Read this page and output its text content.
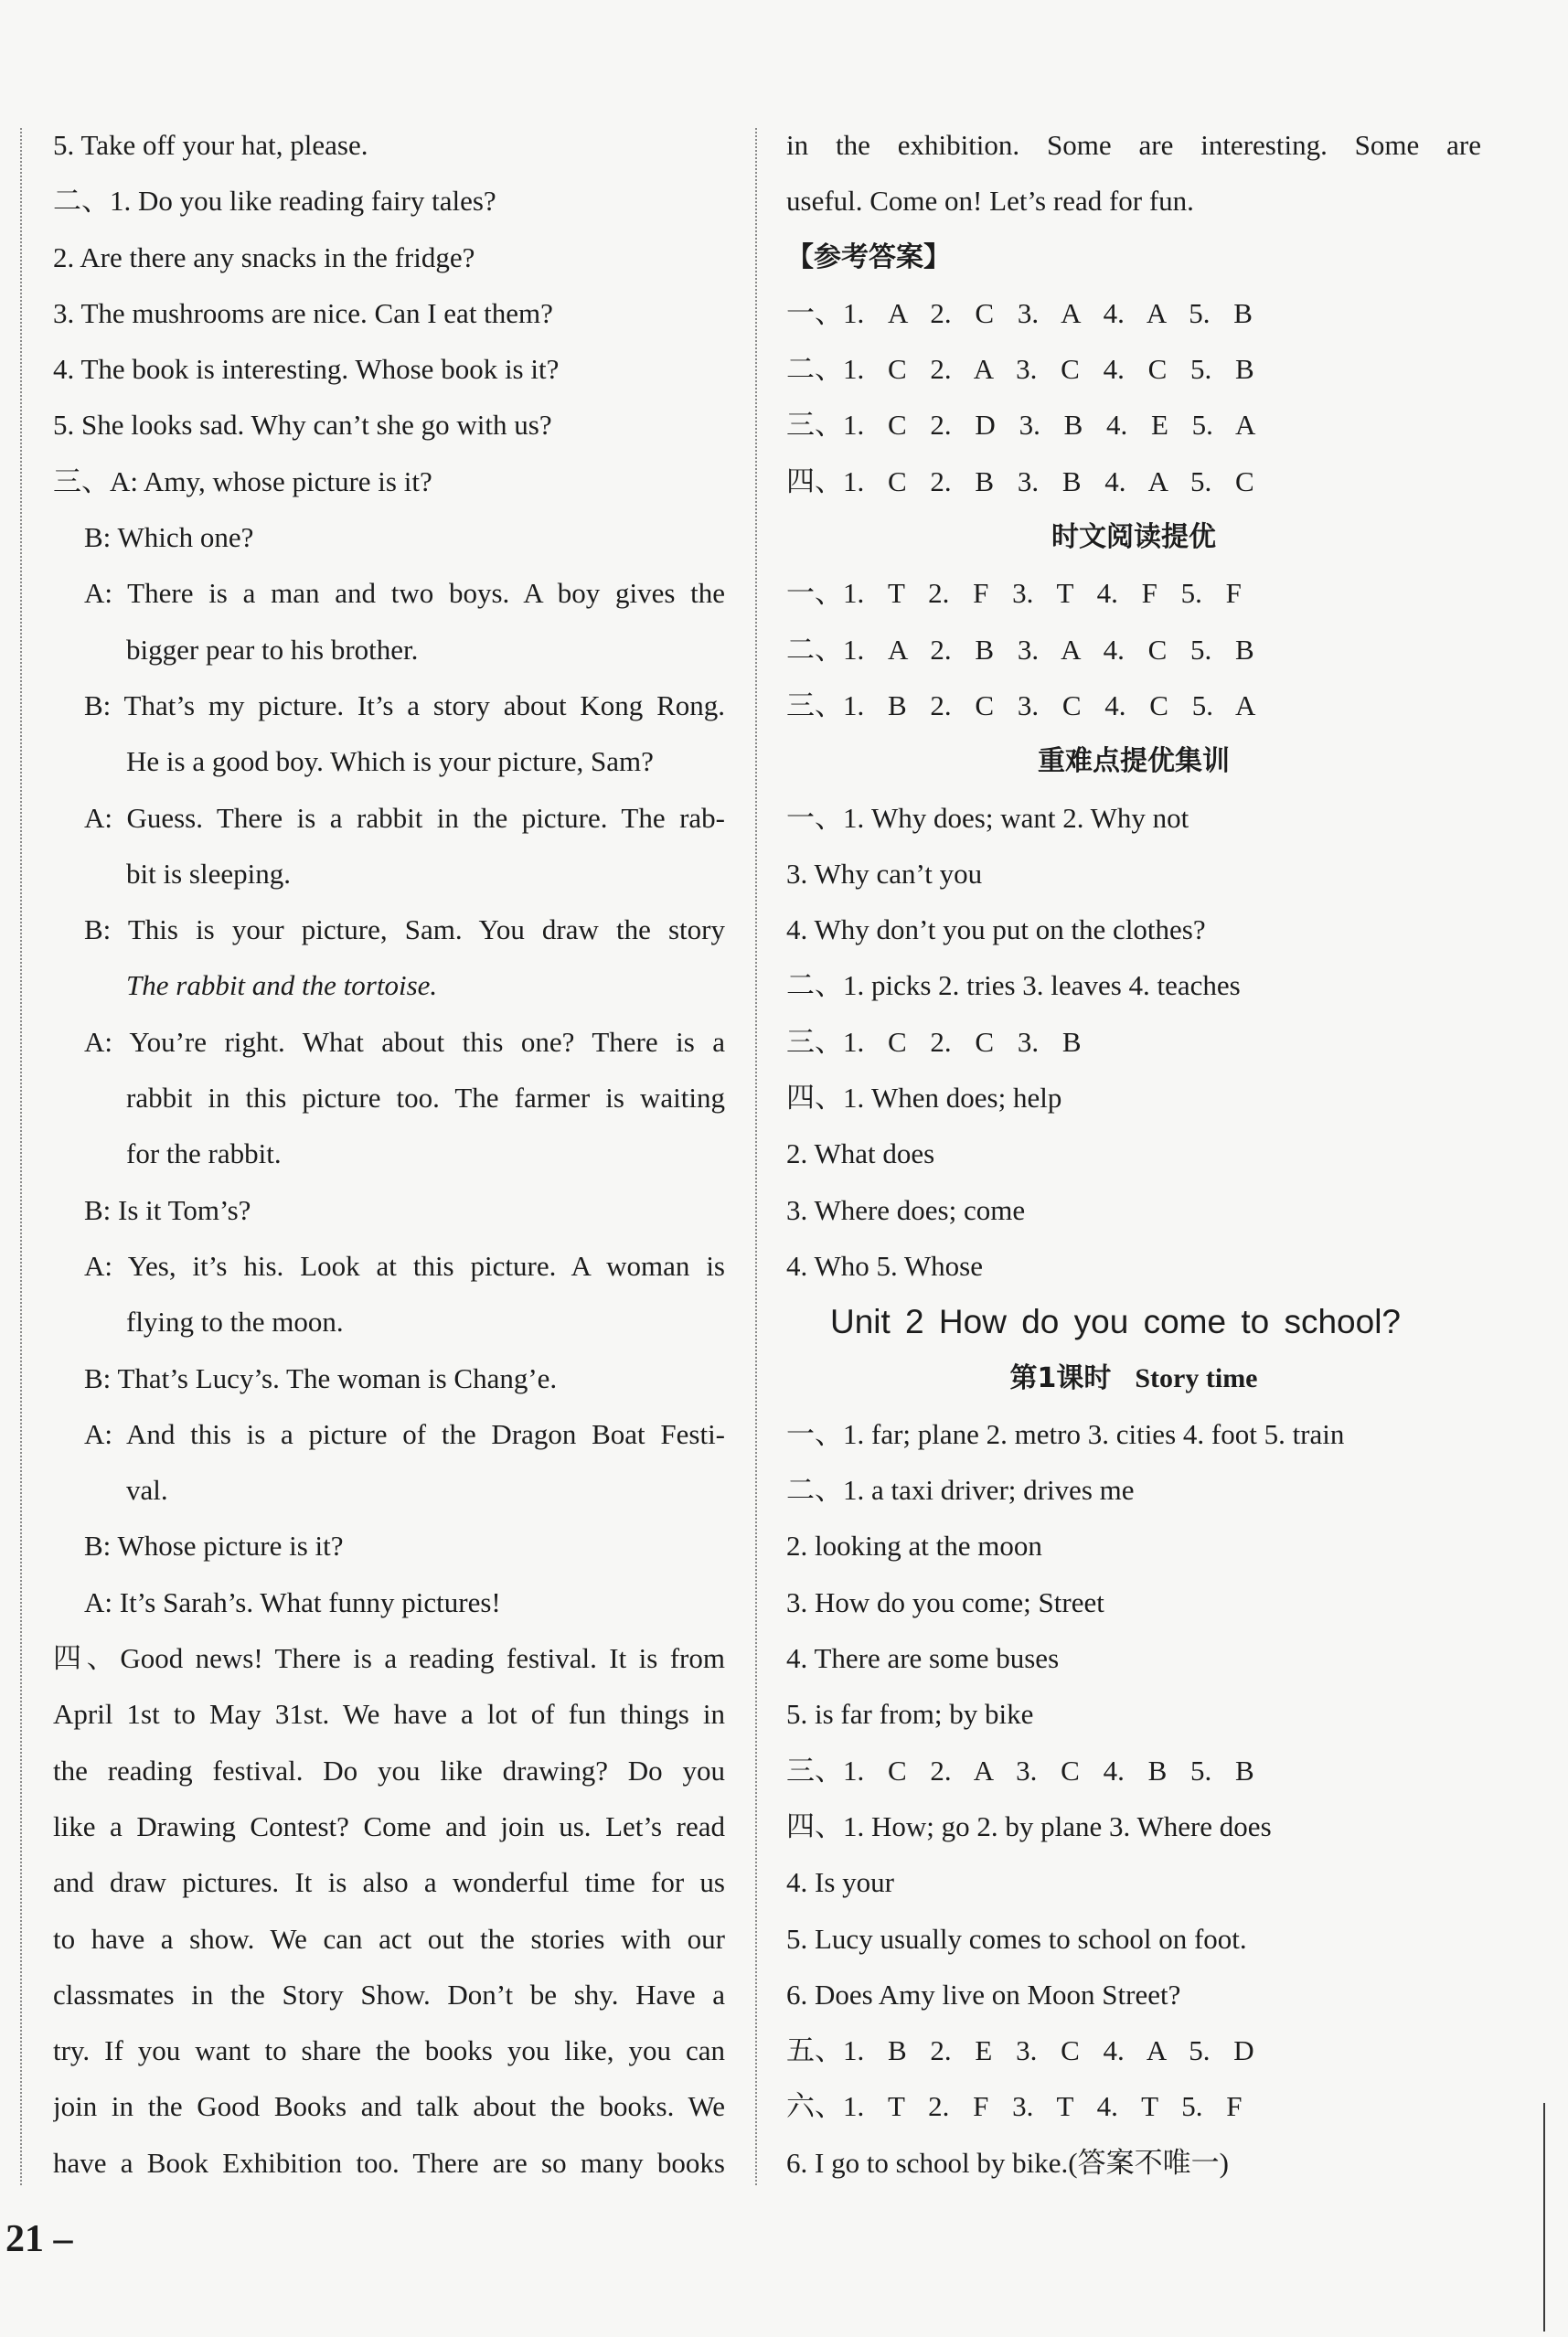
5. Take off your hat, please.
二、1. Do you like reading fairy tales?
2. Are there any snacks in the fridge?
3. The mushrooms are nice. Can I eat them?
4. The book is interesting. Whose book is it?
5. She looks sad. Why can’t she go with us?
三、A: Amy, whose picture is it?
B: Which one?
A: There is a man and two boys. A boy gives the
bigger pear to his brother.
B: That’s my picture. It’s a story about Kong Rong.
He is a good boy. Which is your picture, Sam?
A: Guess. There is a rabbit in the picture. The rab-
bit is sleeping.
B: This is your picture, Sam. You draw the story
The rabbit and the tortoise.
A: You’re right. What about this one? There is a
rabbit in this picture too. The farmer is waiting
for the rabbit.
B: Is it Tom’s?
A: Yes, it’s his. Look at this picture. A woman is
flying to the moon.
B: That’s Lucy’s. The woman is Chang’e.
A: And this is a picture of the Dragon Boat Festi-
val.
B: Whose picture is it?
A: It’s Sarah’s. What funny pictures!
四、Good news! There is a reading festival. It is from
April 1st to May 31st. We have a lot of fun things in
the reading festival. Do you like drawing? Do you
like a Drawing Contest? Come and join us. Let’s read
and draw pictures. It is also a wonderful time for us
to have a show. We can act out the stories with our
classmates in the Story Show. Don’t be shy. Have a
try. If you want to share the books you like, you can
join in the Good Books and talk about the books. We
have a Book Exhibition too. There are so many books
in the exhibition. Some are interesting. Some are
useful. Come on! Let’s read for fun.
【参考答案】
一、1. A 2. C 3. A 4. A 5. B
二、1. C 2. A 3. C 4. C 5. B
三、1. C 2. D 3. B 4. E 5. A
四、1. C 2. B 3. B 4. A 5. C
时文阅读提优
一、1. T 2. F 3. T 4. F 5. F
二、1. A 2. B 3. A 4. C 5. B
三、1. B 2. C 3. C 4. C 5. A
重难点提优集训
一、1. Why does; want 2. Why not
3. Why can’t you
4. Why don’t you put on the clothes?
二、1. picks 2. tries 3. leaves 4. teaches
三、1. C 2. C 3. B
四、1. When does; help
2. What does
3. Where does; come
4. Who 5. Whose
Unit 2 How do you come to school?
第1课时 Story time
一、1. far; plane 2. metro 3. cities 4. foot 5. train
二、1. a taxi driver; drives me
2. looking at the moon
3. How do you come; Street
4. There are some buses
5. is far from; by bike
三、1. C 2. A 3. C 4. B 5. B
四、1. How; go 2. by plane 3. Where does
4. Is your
5. Lucy usually comes to school on foot.
6. Does Amy live on Moon Street?
五、1. B 2. E 3. C 4. A 5. D
六、1. T 2. F 3. T 4. T 5. F
6. I go to school by bike.(答案不唯一)
21 –
